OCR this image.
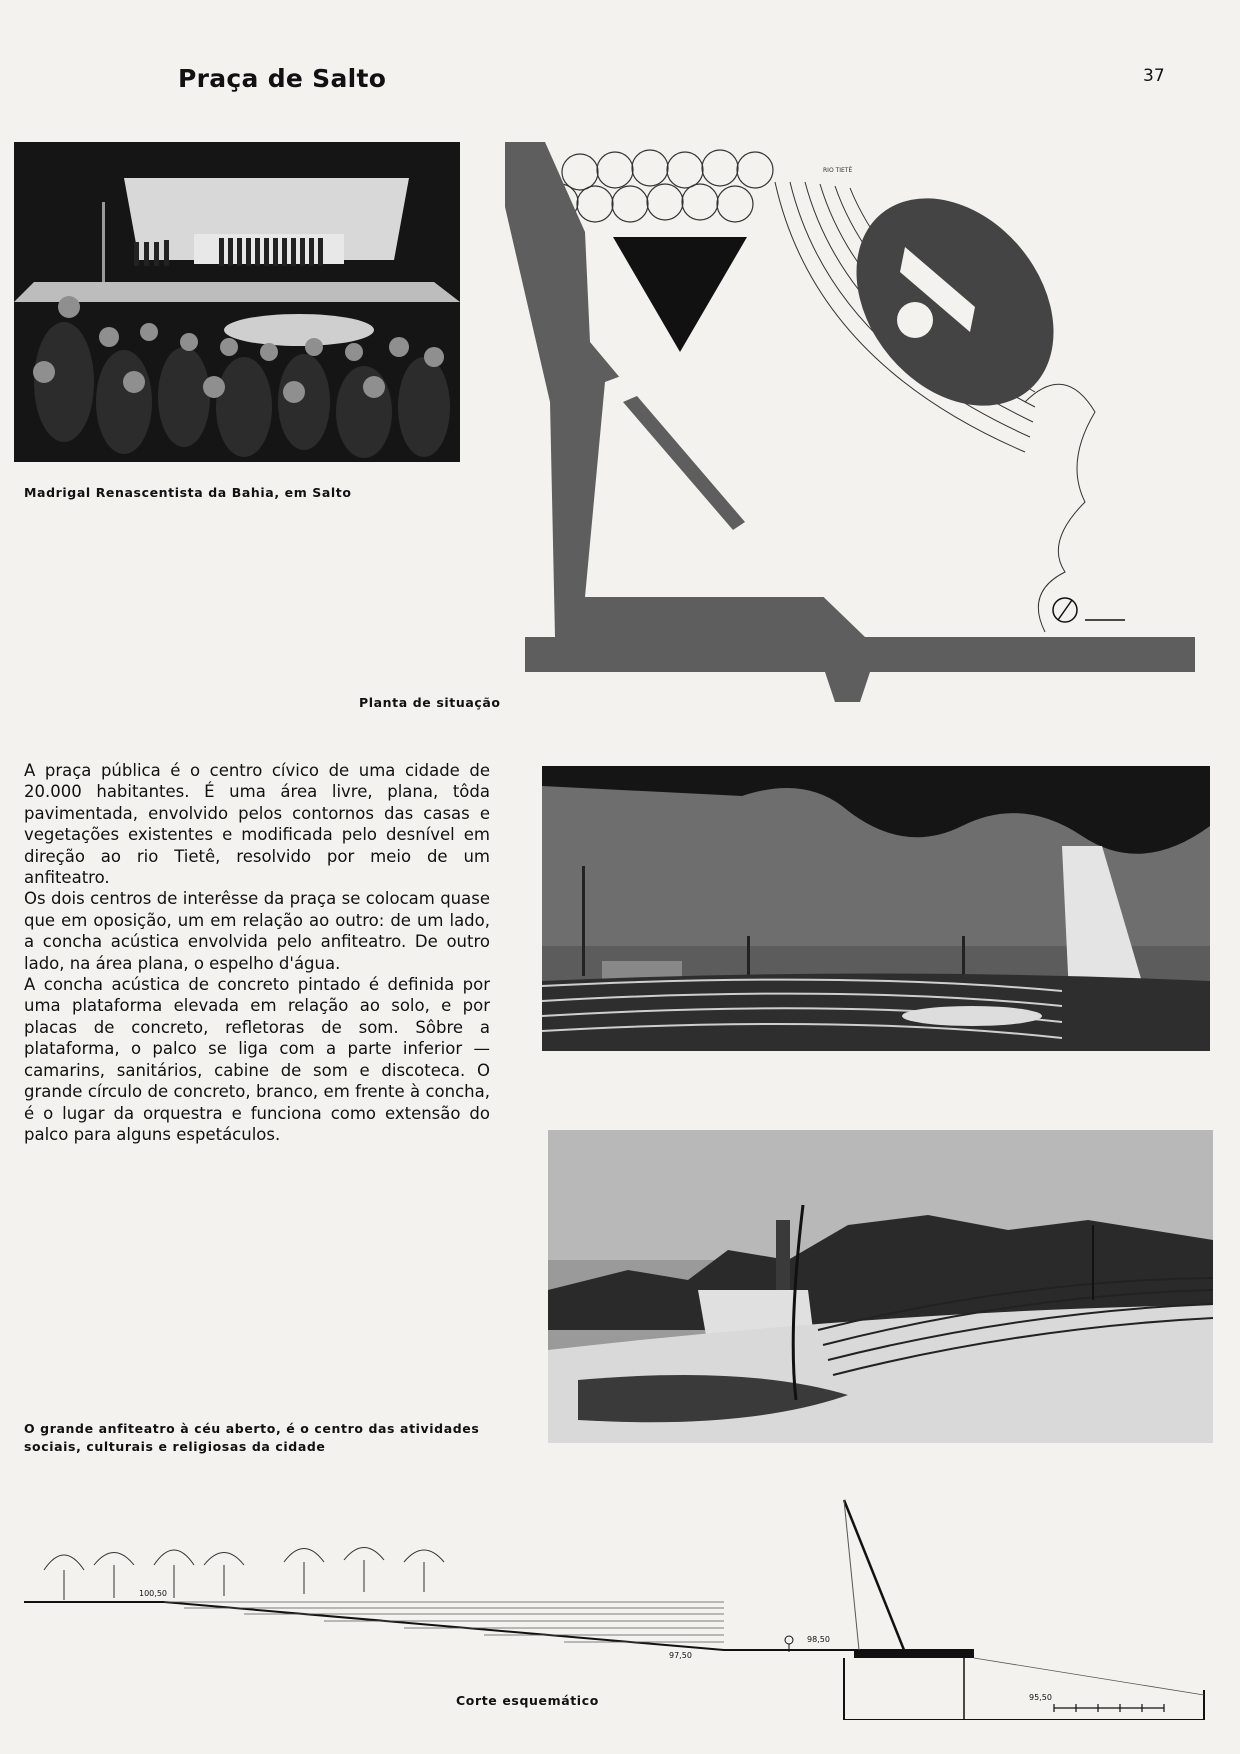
Praça de Salto	37
Madrigal Renascentista da Bahia, em Salto
RIO TIETÊ
Planta de situação

A praça pública é o centro cívico de uma cidade de 20.000 habitantes. É uma área livre, plana, tôda pavimentada, envolvido pelos contornos das casas e vegetações existentes e modificada pelo desnível em direção ao rio Tietê, resolvido por meio de um anfiteatro.

Os dois centros de interêsse da praça se colocam quase que em oposição, um em relação ao outro: de um lado, a concha acústica envolvida pelo anfiteatro. De outro lado, na área plana, o espelho d'água.

A concha acústica de concreto pintado é definida por uma plataforma elevada em relação ao solo, e por placas de concreto, refletoras de som. Sôbre a plataforma, o palco se liga com a parte inferior — camarins, sanitários, cabine de som e discoteca. O grande círculo de concreto, branco, em frente à concha, é o lugar da orquestra e funciona como extensão do palco para alguns espetáculos.

O grande anfiteatro à céu aberto, é o centro das atividades sociais, culturais e religiosas da cidade
100,50
97,50
98,50
95,50
Corte esquemático
